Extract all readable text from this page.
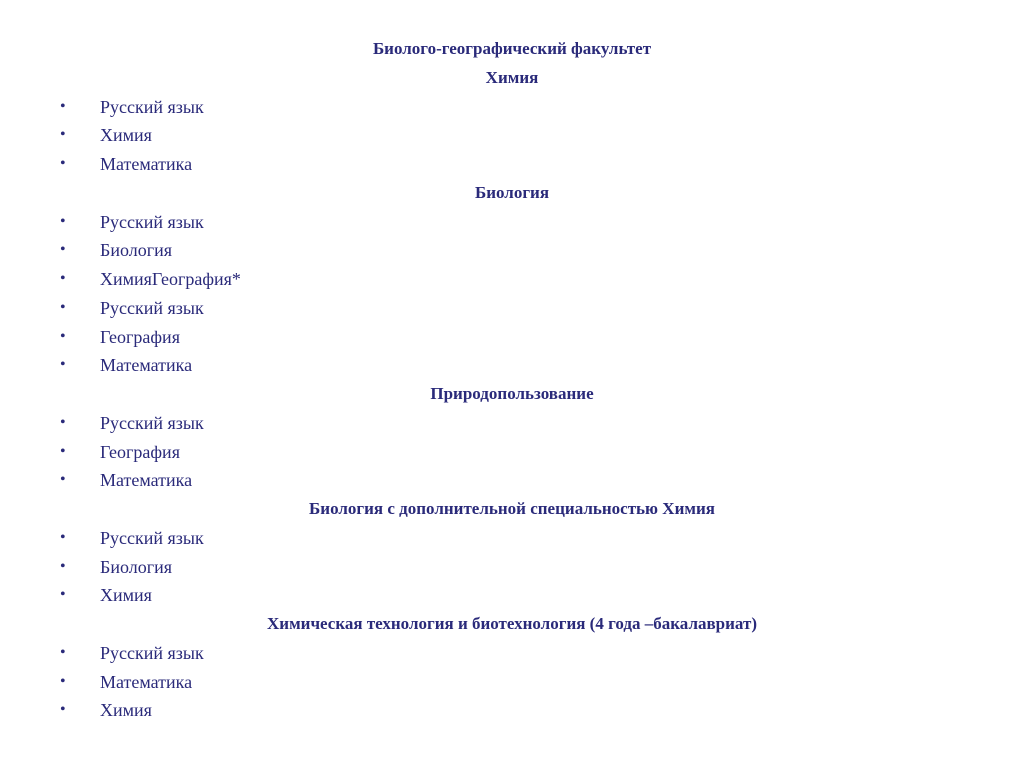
Биолого-географический факультет
Химия
• Русский язык
• Химия
• Математика
Биология
• Русский язык
• Биология
• ХимияГеография*
• Русский язык
• География
• Математика
Природопользование
• Русский язык
• География
• Математика
Биология с дополнительной специальностью Химия
• Русский язык
• Биология
• Химия
Химическая технология и биотехнология (4 года –бакалавриат)
• Русский язык
• Математика
• Химия
